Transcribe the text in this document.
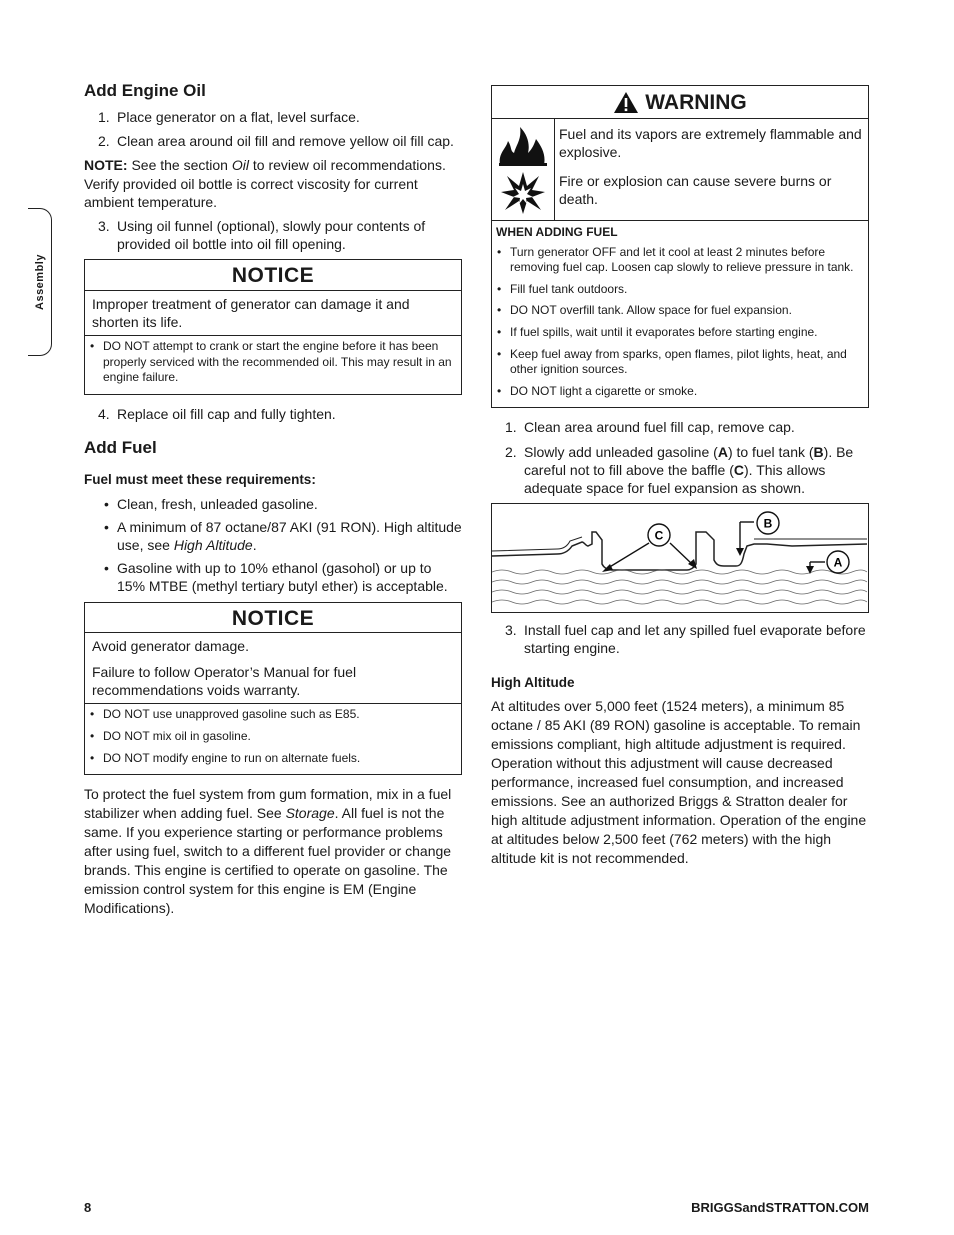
Assembly
Add Engine Oil
1. Place generator on a flat, level surface.
2. Clean area around oil fill and remove yellow oil fill cap.

NOTE: See the section Oil to review oil recommendations. Verify provided oil bottle is correct viscosity for current ambient temperature.

3. Using oil funnel (optional), slowly pour contents of provided oil bottle into oil fill opening.
NOTICE

Improper treatment of generator can damage it and shorten its life.

• DO NOT attempt to crank or start the engine before it has been properly serviced with the recommended oil. This may result in an engine failure.
4. Replace oil fill cap and fully tighten.
Add Fuel
Fuel must meet these requirements:
• Clean, fresh, unleaded gasoline.
• A minimum of 87 octane/87 AKI (91 RON). High altitude use, see High Altitude.
• Gasoline with up to 10% ethanol (gasohol) or up to 15% MTBE (methyl tertiary butyl ether) is acceptable.
NOTICE

Avoid generator damage.

Failure to follow Operator’s Manual for fuel recommendations voids warranty.

• DO NOT use unapproved gasoline such as E85.
• DO NOT mix oil in gasoline.
• DO NOT modify engine to run on alternate fuels.

To protect the fuel system from gum formation, mix in a fuel stabilizer when adding fuel. See Storage. All fuel is not the same. If you experience starting or performance problems after using fuel, switch to a different fuel provider or change brands. This engine is certified to operate on gasoline. The emission control system for this engine is EM (Engine Modifications).

WARNING

Fuel and its vapors are extremely flammable and explosive.

Fire or explosion can cause severe burns or death.

WHEN ADDING FUEL
• Turn generator OFF and let it cool at least 2 minutes before removing fuel cap. Loosen cap slowly to relieve pressure in tank.
• Fill fuel tank outdoors.
• DO NOT overfill tank. Allow space for fuel expansion.
• If fuel spills, wait until it evaporates before starting engine.
• Keep fuel away from sparks, open flames, pilot lights, heat, and other ignition sources.
• DO NOT light a cigarette or smoke.
1. Clean area around fuel fill cap, remove cap.
2. Slowly add unleaded gasoline (A) to fuel tank (B). Be careful not to fill above the baffle (C). This allows adequate space for fuel expansion as shown.
C
B
A
3. Install fuel cap and let any spilled fuel evaporate before starting engine.
High Altitude

At altitudes over 5,000 feet (1524 meters), a minimum 85 octane / 85 AKI (89 RON) gasoline is acceptable. To remain emissions compliant, high altitude adjustment is required. Operation without this adjustment will cause decreased performance, increased fuel consumption, and increased emissions. See an authorized Briggs & Stratton dealer for high altitude adjustment information. Operation of the engine at altitudes below 2,500 feet (762 meters) with the high altitude kit is not recommended.

8	BRIGGSandSTRATTON.COM
